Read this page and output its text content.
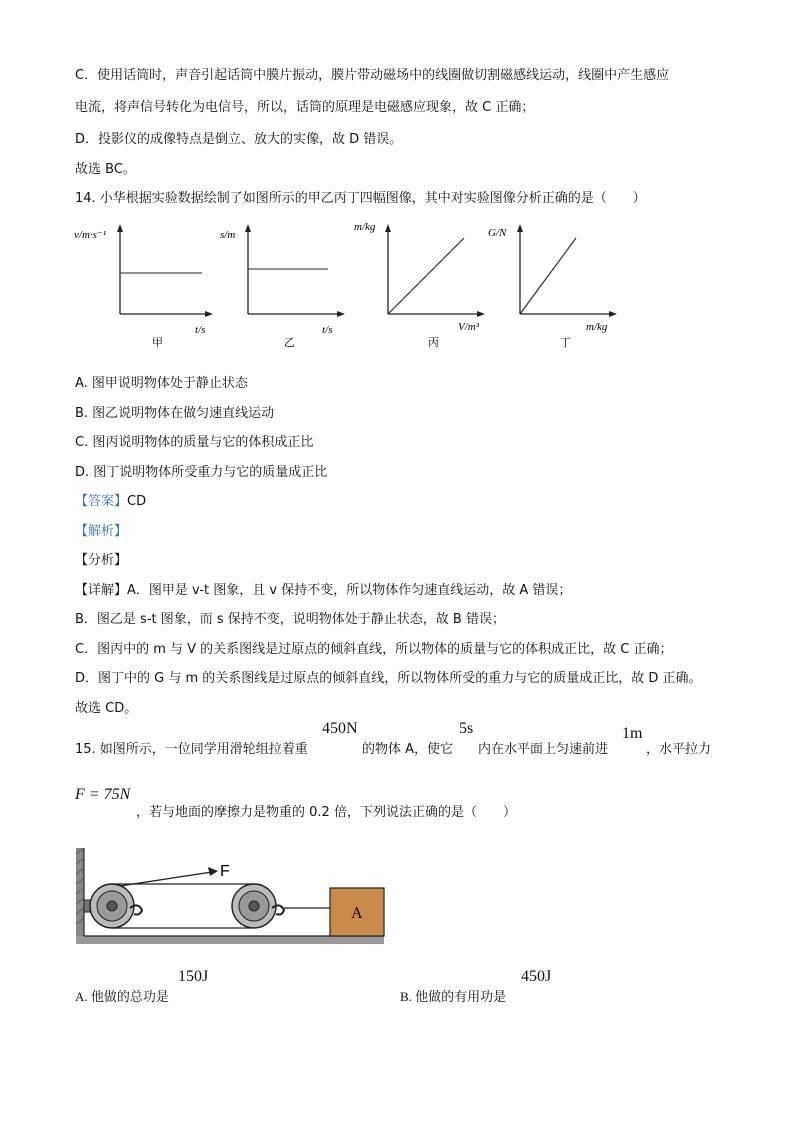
C．使用话筒时，声音引起话筒中膜片振动，膜片带动磁场中的线圈做切割磁感线运动，线圈中产生感应
电流，将声信号转化为电信号，所以，话筒的原理是电磁感应现象，故 C 正确；
D．投影仪的成像特点是倒立、放大的实像，故 D 错误。
故选 BC。
14. 小华根据实验数据绘制了如图所示的甲乙丙丁四幅图像，其中对实验图像分析正确的是（　　）
v/m·s⁻¹
t/s
甲
s/m
t/s
乙
m/kg
V/m³
丙
G/N
m/kg
丁
A. 图甲说明物体处于静止状态
B. 图乙说明物体在做匀速直线运动
C. 图丙说明物体的质量与它的体积成正比
D. 图丁说明物体所受重力与它的质量成正比
【答案】CD
【解析】
【分析】
【详解】A．图甲是 v-t 图象，且 v 保持不变，所以物体作匀速直线运动，故 A 错误；
B．图乙是 s-t 图象，而 s 保持不变，说明物体处于静止状态，故 B 错误；
C．图丙中的 m 与 V 的关系图线是过原点的倾斜直线，所以物体的质量与它的体积成正比，故 C 正确；
D．图丁中的 G 与 m 的关系图线是过原点的倾斜直线，所以物体所受的重力与它的质量成正比，故 D 正确。
故选 CD。
15. 如图所示，一位同学用滑轮组拉着重
450N
的物体 A，使它
5s
内在水平面上匀速前进
1m
，水平拉力
F = 75N
，若与地面的摩擦力是物重的 0.2 倍，下列说法正确的是（　　）
F
A
A. 他做的总功是
150J
B. 他做的有用功是
450J
